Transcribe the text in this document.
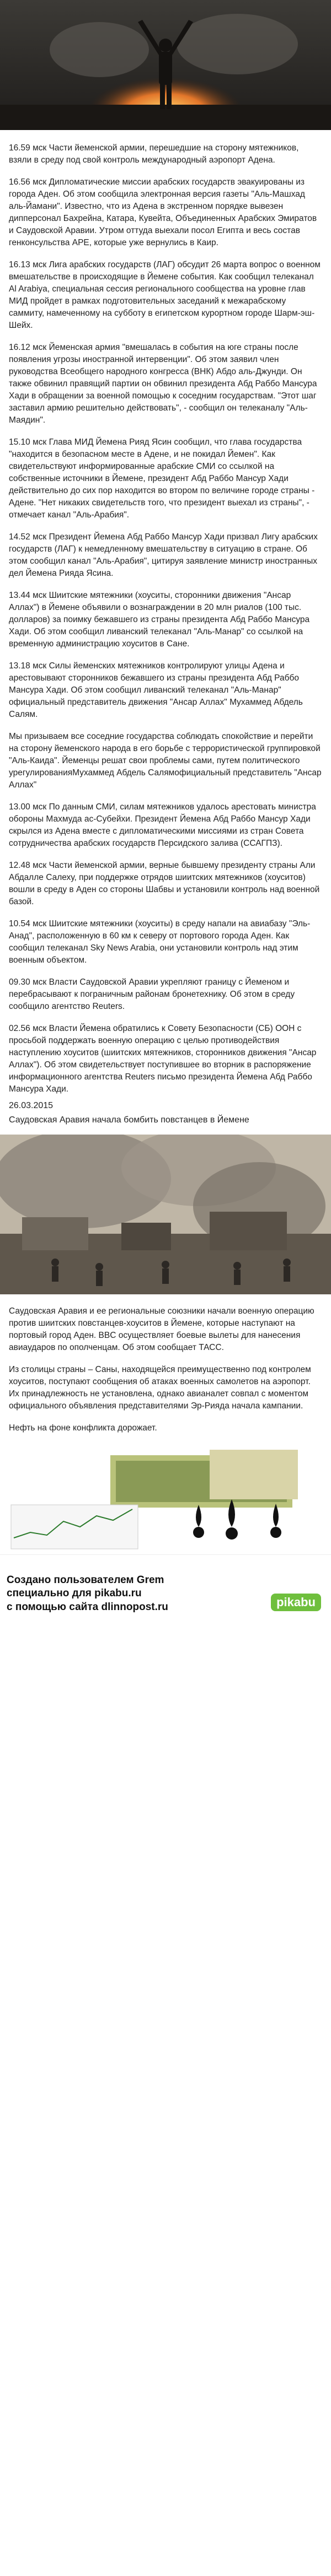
16.59 мск Части йеменской армии, перешедшие на сторону мятежников, взяли в среду под свой контроль международный аэропорт Адена.

16.56 мск Дипломатические миссии арабских государств эвакуированы из города Аден. Об этом сообщила электронная версия газеты "Аль-Машхад аль-Йамани". Известно, что из Адена в экстренном порядке вывезен дипперсонал Бахрейна, Катара, Кувейта, Объединенных Арабских Эмиратов и Саудовской Аравии. Утром оттуда выехали посол Египта и весь состав генконсульства АРЕ, которые уже вернулись в Каир.

16.13 мск Лига арабских государств (ЛАГ) обсудит 26 марта вопрос о военном вмешательстве в происходящие в Йемене события. Как сообщил телеканал Al Arabiya, специальная сессия регионального сообщества на уровне глав МИД пройдет в рамках подготовительных заседаний к межарабскому саммиту, намеченному на субботу в египетском курортном городе Шарм-эш-Шейх.

16.12 мск Йеменская армия "вмешалась в события на юге страны после появления угрозы иностранной интервенции". Об этом заявил член руководства Всеобщего народного конгресса (ВНК) Абдо аль-Джунди. Он также обвинил правящий партии он обвинил президента Абд Раббо Мансура Хади в обращении за военной помощью к соседним государствам. "Этот шаг заставил армию решительно действовать", - сообщил он телеканалу "Аль-Маядин".

15.10 мск Глава МИД Йемена Рияд Ясин сообщил, что глава государства "находится в безопасном месте в Адене, и не покидал Йемен". Как свидетельствуют информированные арабские СМИ со ссылкой на собственные источники в Йемене, президент Абд Раббо Мансур Хади действительно до сих пор находится во втором по величине городе страны - Адене. "Нет никаких свидетельств того, что президент выехал из страны", - отмечает канал "Аль-Арабия".

14.52 мск Президент Йемена Абд Раббо Мансур Хади призвал Лигу арабских государств (ЛАГ) к немедленному вмешательству в ситуацию в стране. Об этом сообщил канал "Аль-Арабия", цитируя заявление министр иностранных дел Йемена Рияда Ясина.

13.44 мск Шиитские мятежники (хоуситы, сторонники движения "Ансар Аллах") в Йемене объявили о вознаграждении в 20 млн риалов (100 тыс. долларов) за поимку бежавшего из страны президента Абд Раббо Мансура Хади. Об этом сообщил ливанский телеканал "Аль-Манар" со ссылкой на временную администрацию хоуситов в Сане.

13.18 мск Силы йеменских мятежников контролируют улицы Адена и арестовывают сторонников бежавшего из страны президента Абд Раббо Мансура Хади. Об этом сообщил ливанский телеканал "Аль-Манар" официальный представитель движения "Ансар Аллах" Мухаммед Абдель Салям.

Мы призываем все соседние государства соблюдать спокойствие и перейти на сторону йеменского народа в его борьбе с террористической группировкой "Аль-Каида". Йеменцы решат свои проблемы сами, путем политического урегулированияМухаммед Абдель Салямофициальный представитель "Ансар Аллах"

13.00 мск По данным СМИ, силам мятежников удалось арестовать министра обороны Махмуда ас-Субейхи. Президент Йемена Абд Раббо Мансур Хади скрылся из Адена вместе с дипломатическими миссиями из стран Совета сотрудничества арабских государств Персидского залива (ССАГПЗ).

12.48 мск Части йеменской армии, верные бывшему президенту страны Али Абдалле Салеху, при поддержке отрядов шиитских мятежников (хоуситов) вошли в среду в Аден со стороны Шабвы и установили контроль над военной базой.

10.54 мск Шиитские мятежники (хоуситы) в среду напали на авиабазу "Эль-Анад", расположенную в 60 км к северу от портового города Аден. Как сообщил телеканал Sky News Arabia, они установили контроль над этим военным объектом.

09.30 мск Власти Саудовской Аравии укрепляют границу с Йеменом и перебрасывают к пограничным районам бронетехнику. Об этом в среду сообщило агентство Reuters.

02.56 мск Власти Йемена обратились к Совету Безопасности (СБ) ООН с просьбой поддержать военную операцию с целью противодействия наступлению хоуситов (шиитских мятежников, сторонников движения "Ансар Аллах"). Об этом свидетельствует поступившее во вторник в распоряжение информационного агентства Reuters письмо президента Йемена Абд Раббо Мансура Хади.

26.03.2015
Саудовская Аравия начала бомбить повстанцев в Йемене

Саудовская Аравия и ее региональные союзники начали военную операцию против шиитских повстанцев-хоуситов в Йемене, которые наступают на портовый город Аден. BBC осуществляет боевые вылеты для нанесения авиаударов по ополченцам. Об этом сообщает ТАСС.

Из столицы страны – Саны, находящейся преимущественно под контролем хоуситов, поступают сообщения об атаках военных самолетов на аэропорт. Их принадлежность не установлена, однако авианалет совпал с моментом официального объявления представителями Эр-Рияда начала кампании.

Нефть на фоне конфликта дорожает.

Создано пользователем Grem
специально для pikabu.ru
с помощью сайта dlinnopost.ru	pikabu
